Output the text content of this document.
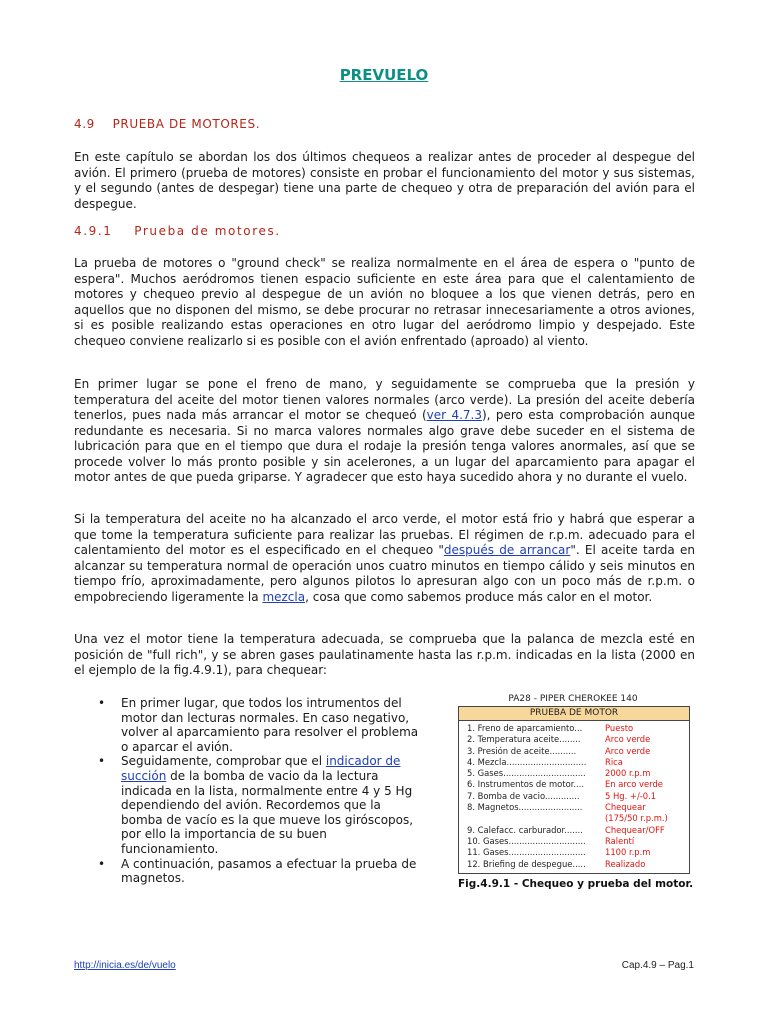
PREVUELO
4.9 PRUEBA DE MOTORES.
En este capítulo se abordan los dos últimos chequeos a realizar antes de proceder al despegue del avión. El primero (prueba de motores) consiste en probar el funcionamiento del motor y sus sistemas, y el segundo (antes de despegar) tiene una parte de chequeo y otra de preparación del avión para el despegue.
4.9.1 Prueba de motores.
La prueba de motores o "ground check" se realiza normalmente en el área de espera o "punto de espera". Muchos aeródromos tienen espacio suficiente en este área para que el calentamiento de motores y chequeo previo al despegue de un avión no bloquee a los que vienen detrás, pero en aquellos que no disponen del mismo, se debe procurar no retrasar innecesariamente a otros aviones, si es posible realizando estas operaciones en otro lugar del aeródromo limpio y despejado. Este chequeo conviene realizarlo si es posible con el avión enfrentado (aproado) al viento.
En primer lugar se pone el freno de mano, y seguidamente se comprueba que la presión y temperatura del aceite del motor tienen valores normales (arco verde). La presión del aceite debería tenerlos, pues nada más arrancar el motor se chequeó (ver 4.7.3), pero esta comprobación aunque redundante es necesaria. Si no marca valores normales algo grave debe suceder en el sistema de lubricación para que en el tiempo que dura el rodaje la presión tenga valores anormales, así que se procede volver lo más pronto posible y sin acelerones, a un lugar del aparcamiento para apagar el motor antes de que pueda griparse. Y agradecer que esto haya sucedido ahora y no durante el vuelo.
Si la temperatura del aceite no ha alcanzado el arco verde, el motor está frio y habrá que esperar a que tome la temperatura suficiente para realizar las pruebas. El régimen de r.p.m. adecuado para el calentamiento del motor es el especificado en el chequeo "después de arrancar". El aceite tarda en alcanzar su temperatura normal de operación unos cuatro minutos en tiempo cálido y seis minutos en tiempo frío, aproximadamente, pero algunos pilotos lo apresuran algo con un poco más de r.p.m. o empobreciendo ligeramente la mezcla, cosa que como sabemos produce más calor en el motor.
Una vez el motor tiene la temperatura adecuada, se comprueba que la palanca de mezcla esté en posición de "full rich", y se abren gases paulatinamente hasta las r.p.m. indicadas en la lista (2000 en el ejemplo de la fig.4.9.1), para chequear:
• En primer lugar, que todos los intrumentos del motor dan lecturas normales. En caso negativo, volver al aparcamiento para resolver el problema o aparcar el avión.
• Seguidamente, comprobar que el indicador de succión de la bomba de vacio da la lectura indicada en la lista, normalmente entre 4 y 5 Hg dependiendo del avión. Recordemos que la bomba de vacío es la que mueve los giróscopos, por ello la importancia de su buen funcionamiento.
• A continuación, pasamos a efectuar la prueba de magnetos.
PA28 - PIPER CHEROKEE 140
PRUEBA DE MOTOR
1. Freno de aparcamiento...	Puesto
2. Temperatura aceite........	Arco verde
3. Presión de aceite..........	Arco verde
4. Mezcla..............................	Rica
5. Gases...............................	2000 r.p.m
6. Instrumentos de motor....	En arco verde
7. Bomba de vacio.............	5 Hg. +/-0.1
8. Magnetos........................	Chequear
(175/50 r.p.m.)
9. Calefacc. carburador.......	Chequear/OFF
10. Gases.............................	Ralentí
11. Gases.............................	1100 r.p.m
12. Briefing de despegue.....	Realizado
Fig.4.9.1 - Chequeo y prueba del motor.
http://inicia.es/de/vuelo	Cap.4.9 – Pag.1
